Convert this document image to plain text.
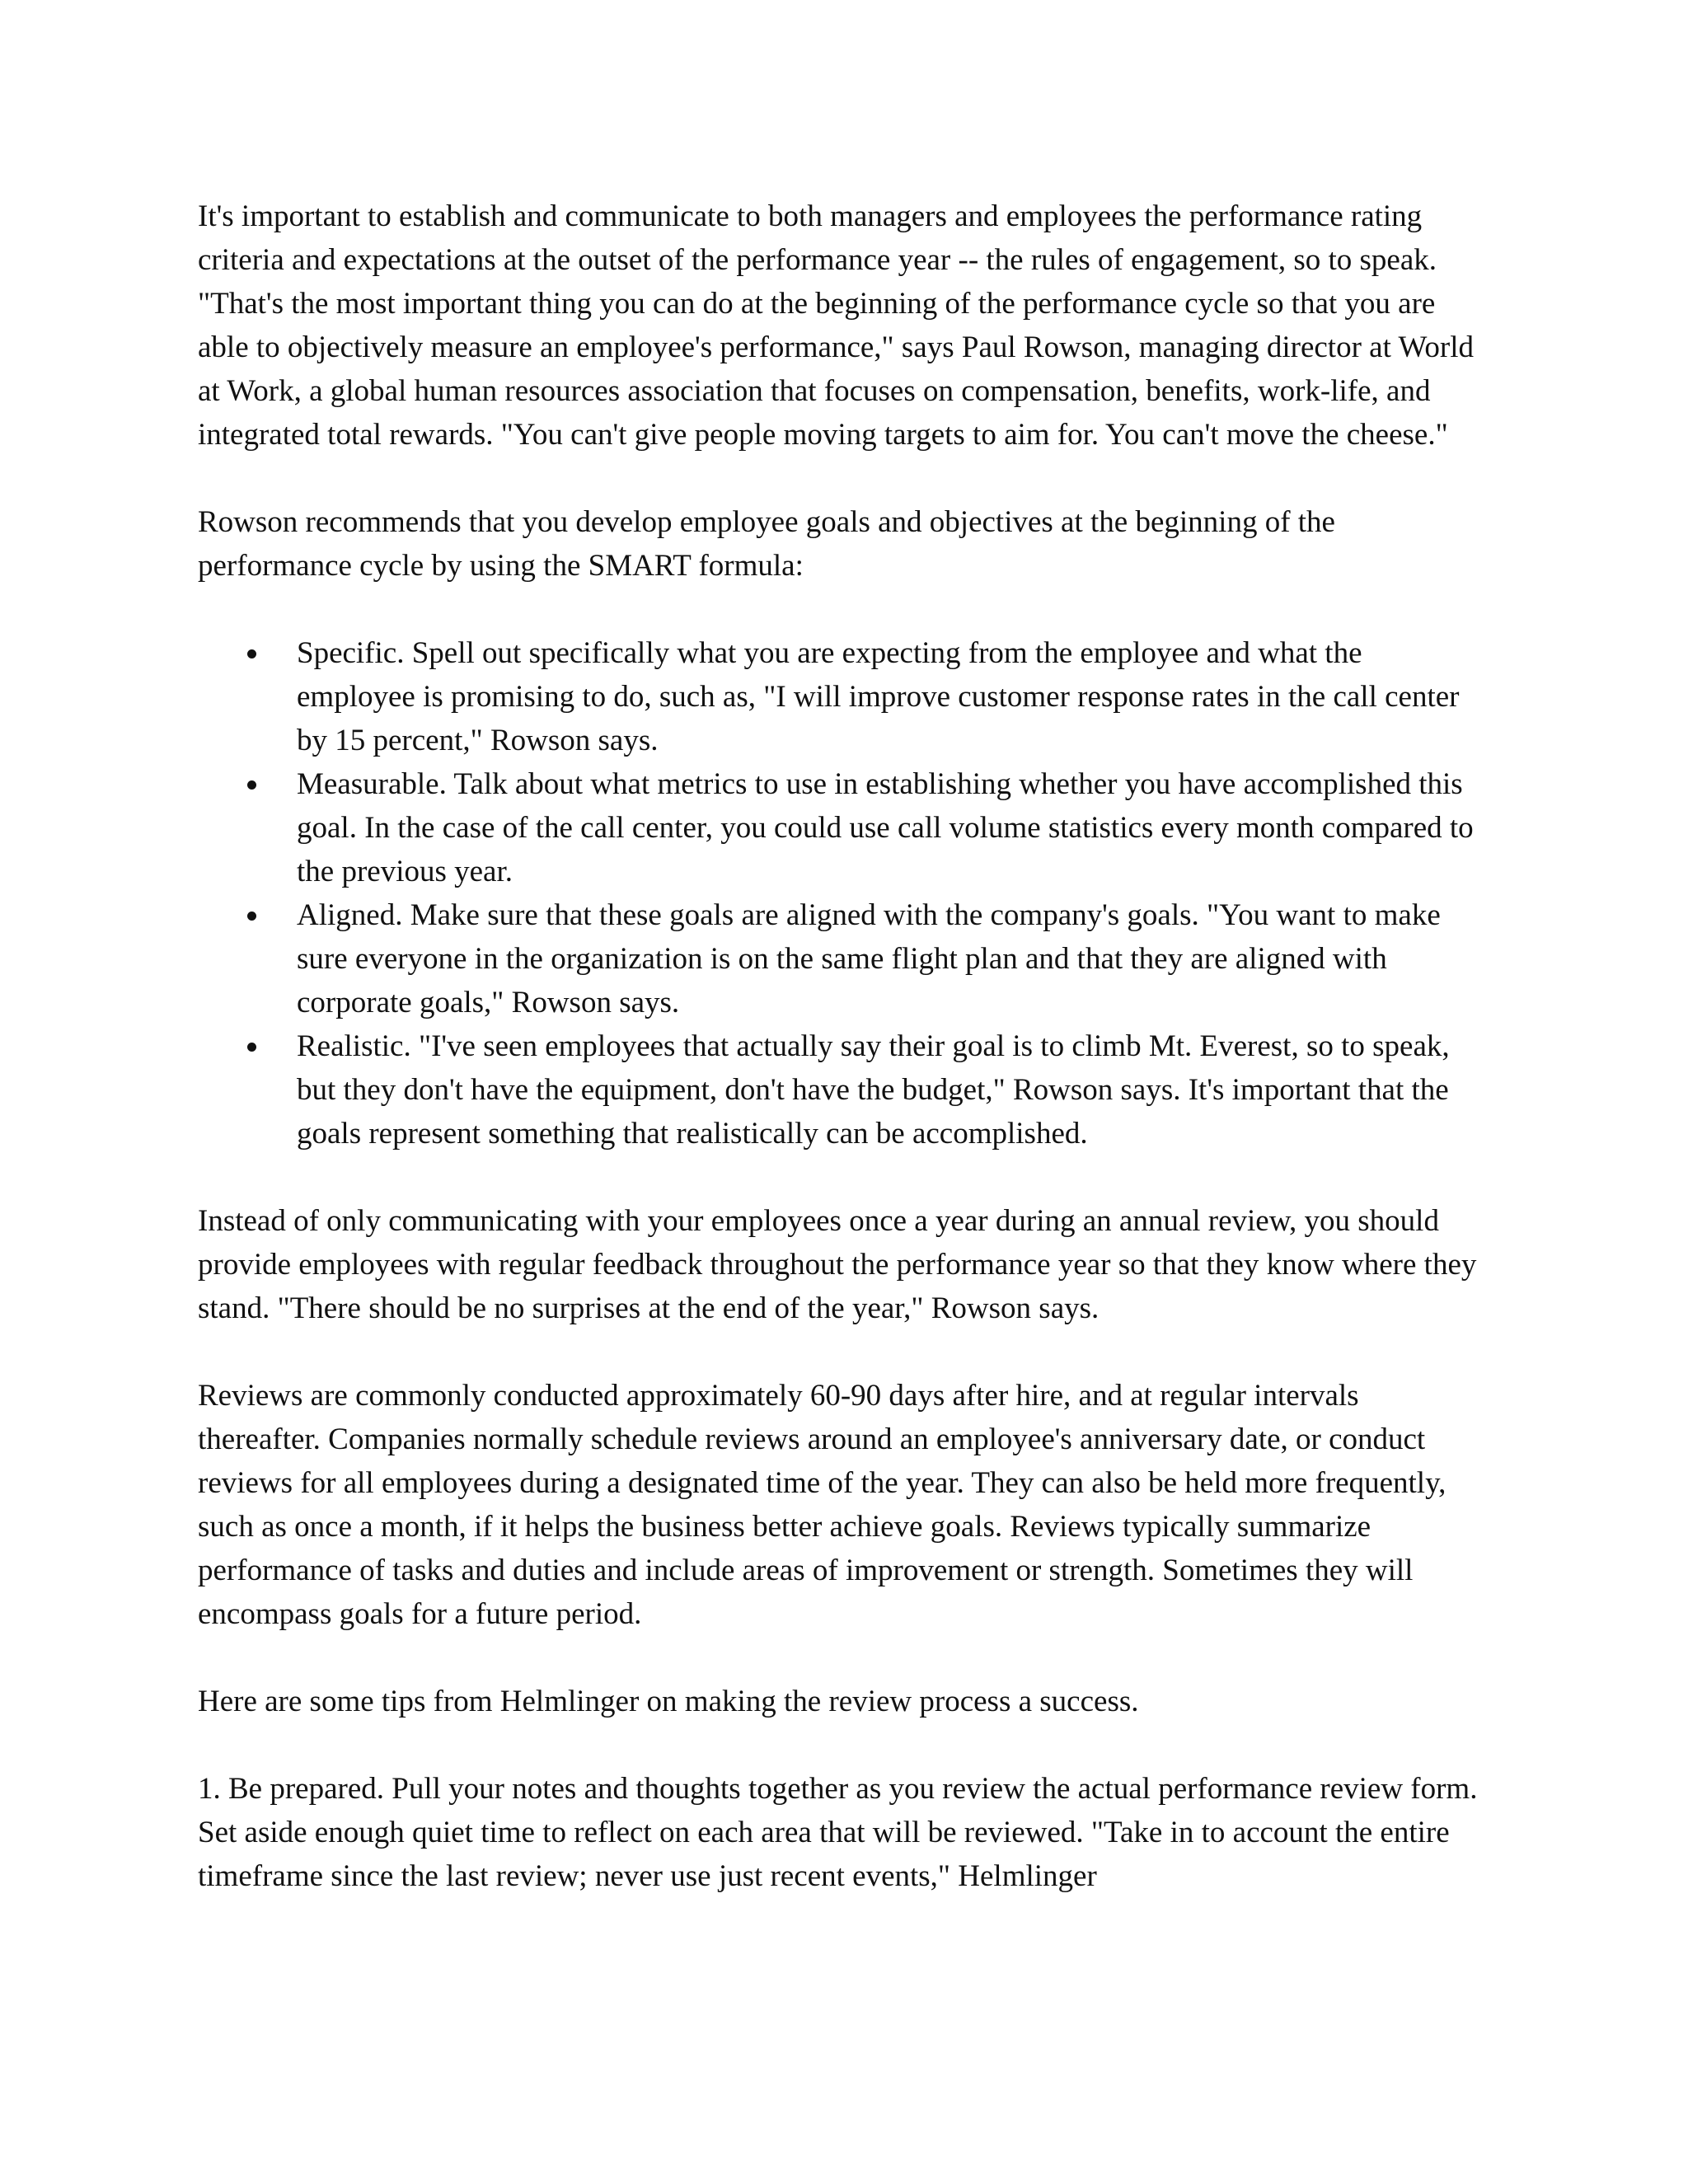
It's important to establish and communicate to both managers and employees the performance rating criteria and expectations at the outset of the performance year -- the rules of engagement, so to speak. "That's the most important thing you can do at the beginning of the performance cycle so that you are able to objectively measure an employee's performance," says Paul Rowson, managing director at World at Work, a global human resources association that focuses on compensation, benefits, work-life, and integrated total rewards. "You can't give people moving targets to aim for. You can't move the cheese."

Rowson recommends that you develop employee goals and objectives at the beginning of the performance cycle by using the SMART formula:

Specific. Spell out specifically what you are expecting from the employee and what the employee is promising to do, such as, "I will improve customer response rates in the call center by 15 percent," Rowson says.
Measurable. Talk about what metrics to use in establishing whether you have accomplished this goal. In the case of the call center, you could use call volume statistics every month compared to the previous year.
Aligned. Make sure that these goals are aligned with the company's goals. "You want to make sure everyone in the organization is on the same flight plan and that they are aligned with corporate goals," Rowson says.
Realistic. "I've seen employees that actually say their goal is to climb Mt. Everest, so to speak, but they don't have the equipment, don't have the budget," Rowson says. It's important that the goals represent something that realistically can be accomplished.

Instead of only communicating with your employees once a year during an annual review, you should provide employees with regular feedback throughout the performance year so that they know where they stand. "There should be no surprises at the end of the year," Rowson says.

Reviews are commonly conducted approximately 60-90 days after hire, and at regular intervals thereafter. Companies normally schedule reviews around an employee's anniversary date, or conduct reviews for all employees during a designated time of the year. They can also be held more frequently, such as once a month, if it helps the business better achieve goals. Reviews typically summarize performance of tasks and duties and include areas of improvement or strength. Sometimes they will encompass goals for a future period.

Here are some tips from Helmlinger on making the review process a success.

1. Be prepared. Pull your notes and thoughts together as you review the actual performance review form. Set aside enough quiet time to reflect on each area that will be reviewed. "Take in to account the entire timeframe since the last review; never use just recent events," Helmlinger
